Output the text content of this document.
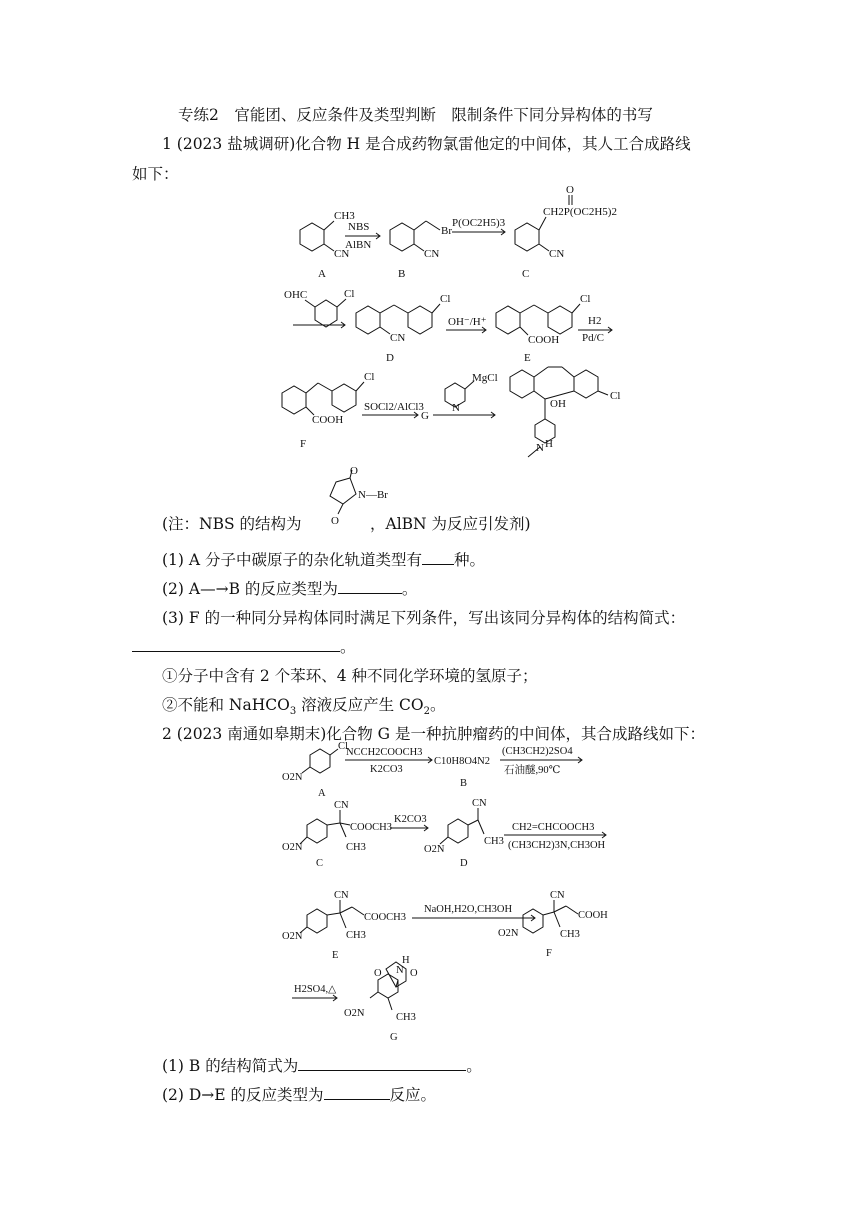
专练2　官能团、反应条件及类型判断　限制条件下同分异构体的书写
1 (2023 盐城调研)化合物 H 是合成药物氯雷他定的中间体，其人工合成路线
如下：
CH3
CN
A
NBS
AlBN
Br
CN
B
P(OC2H5)3
O
CH2P(OC2H5)2
CN
C
OHC	Cl	Cl
CN
D
OH⁻/H⁺
Cl
COOH
E
H2
Pd/C
Cl
COOH
F
SOCl2/AlCl3
G
MgCl
N
Cl
OH
N H
O
O
N—Br
(注：NBS 的结构为	，AlBN 为反应引发剂)
(1) A 分子中碳原子的杂化轨道类型有 种。
(2) A—→B 的反应类型为	。
(3) F 的一种同分异构体同时满足下列条件，写出该同分异构体的结构简式：
。
①分子中含有 2 个苯环、4 种不同化学环境的氢原子；
②不能和 NaHCO$_3$ 溶液反应产生 $CO_2$。
2 (2023 南通如皋期末)化合物 G 是一种抗肿瘤药的中间体，其合成路线如下：
Cl
O2N
A
NCCH2COOCH3
K2CO3
C10H8O4N2
B
(CH3CH2)2SO4
石油醚,90℃
CN
COOCH3
CH3
O2N
C
K2CO3
CN
CH3
O2N
D
CH2=CHCOOCH3
(CH3CH2)3N,CH3OH
CN
COOCH3
CH3
O2N
E
NaOH,H2O,CH3OH
CN
COOH
CH3
O2N
F
H2SO4,△
H
N
O	O
CH3
O2N
G
(1) B 的结构简式为	。
(2) D→E 的反应类型为	反应。
